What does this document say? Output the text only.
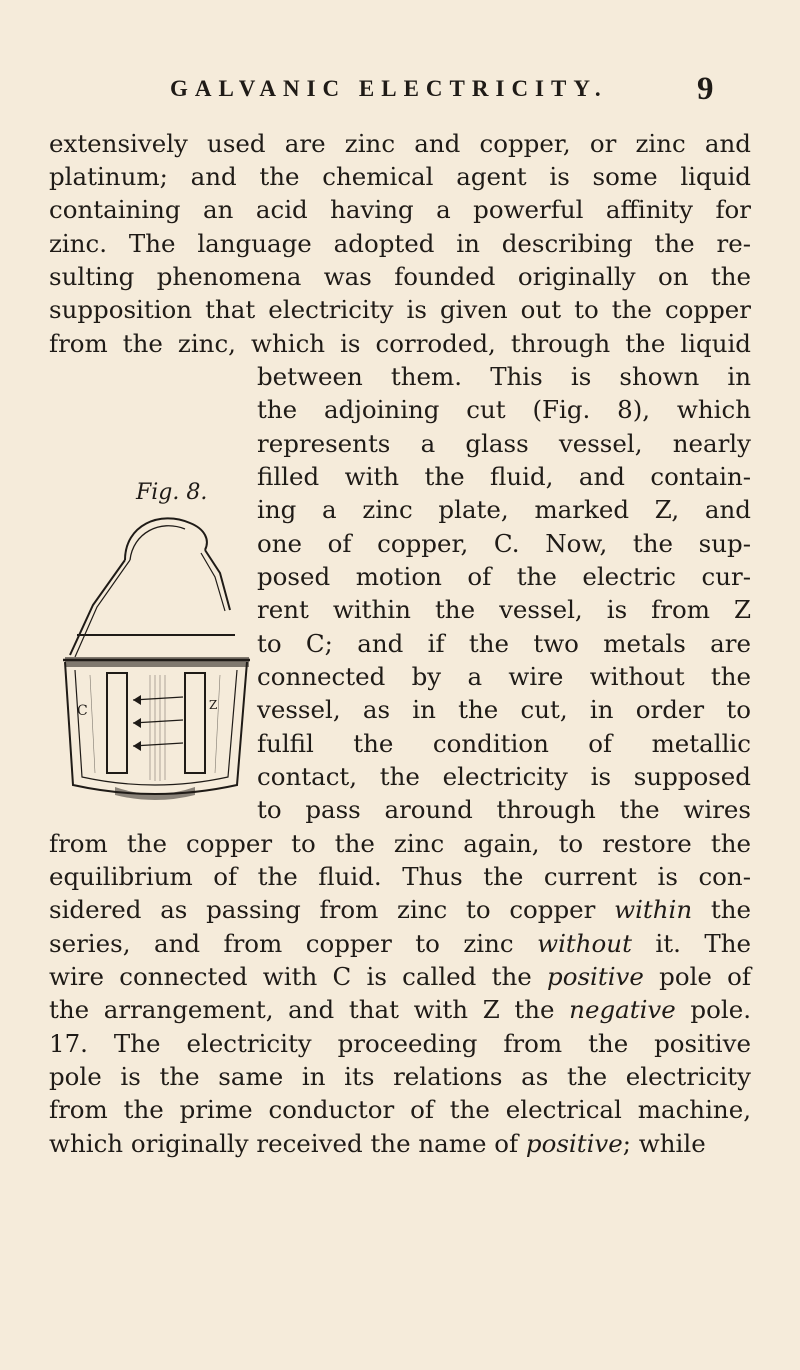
GALVANIC ELECTRICITY.	9
extensively used are zinc and copper, or zinc and
platinum; and the chemical agent is some liquid
containing an acid having a powerful affinity for
zinc. The language adopted in describing the re-
sulting phenomena was founded originally on the
supposition that electricity is given out to the copper
from the zinc, which is corroded, through the liquid
Fig. 8.
between them. This is shown in
the adjoining cut (Fig. 8), which
represents a glass vessel, nearly
filled with the fluid, and contain-
ing a zinc plate, marked Z, and
one of copper, C. Now, the sup-
posed motion of the electric cur-
rent within the vessel, is from Z
to C; and if the two metals are
connected by a wire without the
vessel, as in the cut, in order to
fulfil the condition of metallic
contact, the electricity is supposed
to pass around through the wires
from the copper to the zinc again, to restore the
equilibrium of the fluid. Thus the current is con-
sidered as passing from zinc to copper within the
series, and from copper to zinc without it. The
wire connected with C is called the positive pole of
the arrangement, and that with Z the negative pole.
17. The electricity proceeding from the positive
pole is the same in its relations as the electricity
from the prime conductor of the electrical machine,
which originally received the name of positive; while
C	Z
